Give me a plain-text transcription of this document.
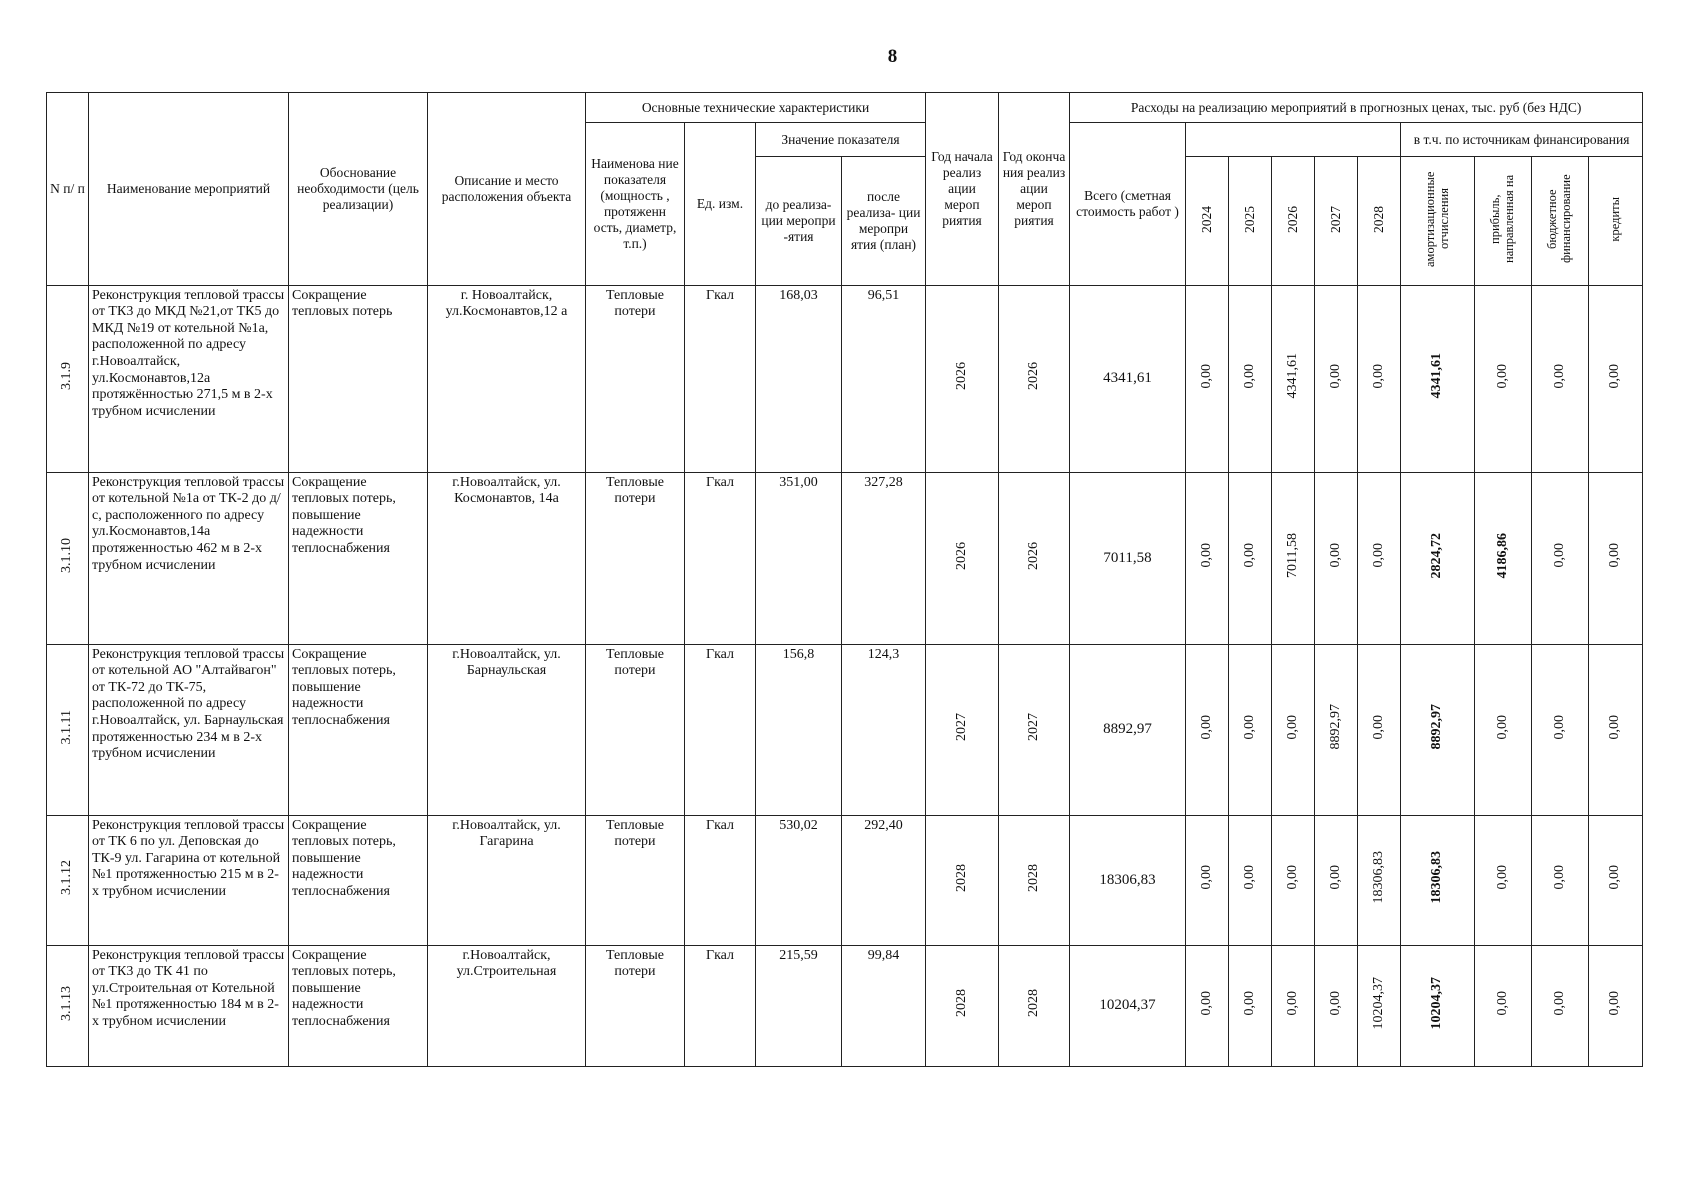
8
N п/ п	Наименование мероприятий	Обоснование необходимости (цель реализации)	Описание и место расположения объекта	Основные технические характеристики				Год начала реализ ации мероп риятия	Год оконча ния реализ ации мероп риятия	Расходы на реализацию мероприятий в прогнозных ценах, тыс. руб (без НДС)									
				Наименова ние показателя (мощность , протяженн ость, диаметр, т.п.)	Ед. изм.	Значение показателя				Всего (сметная стоимость работ )						в т.ч. по источникам финансирования			
						до реализа- ции меропри -ятия	после реализа- ции меропри ятия (план)				2024	2025	2026	2027	2028	амортизационные отчисления	прибыль, направленная на	бюджетное финансирование	кредиты
3.1.9	Реконструкция тепловой трассы от ТК3 до МКД №21,от ТК5 до МКД №19 от котельной №1а, расположенной по адресу г.Новоалтайск, ул.Космонавтов,12а протяжённостью 271,5 м в 2-х трубном исчислении	Сокращение тепловых потерь	г. Новоалтайск, ул.Космонавтов,12 а	Тепловые потери	Гкал	168,03	96,51	2026	2026	4341,61	0,00	0,00	4341,61	0,00	0,00	4341,61	0,00	0,00	0,00
3.1.10	Реконструкция тепловой трассы от котельной №1а от ТК-2 до д/с, расположенного по адресу ул.Космонавтов,14а протяженностью 462 м в 2-х трубном исчислении	Сокращение тепловых потерь, повышение надежности теплоснабжения	г.Новоалтайск, ул. Космонавтов, 14а	Тепловые потери	Гкал	351,00	327,28	2026	2026	7011,58	0,00	0,00	7011,58	0,00	0,00	2824,72	4186,86	0,00	0,00
3.1.11	Реконструкция тепловой трассы от котельной АО "Алтайвагон" от ТК-72 до ТК-75, расположенной по адресу г.Новоалтайск, ул. Барнаульская протяженностью 234 м в 2-х трубном исчислении	Сокращение тепловых потерь, повышение надежности теплоснабжения	г.Новоалтайск, ул. Барнаульская	Тепловые потери	Гкал	156,8	124,3	2027	2027	8892,97	0,00	0,00	0,00	8892,97	0,00	8892,97	0,00	0,00	0,00
3.1.12	Реконструкция тепловой трассы от ТК 6 по ул. Деповская до ТК-9 ул. Гагарина от котельной №1 протяженностью 215 м в 2-х трубном исчислении	Сокращение тепловых потерь, повышение надежности теплоснабжения	г.Новоалтайск, ул. Гагарина	Тепловые потери	Гкал	530,02	292,40	2028	2028	18306,83	0,00	0,00	0,00	0,00	18306,83	18306,83	0,00	0,00	0,00
3.1.13	Реконструкция тепловой трассы от ТК3 до ТК 41 по ул.Строительная от Котельной №1 протяженностью 184 м в 2-х трубном исчислении	Сокращение тепловых потерь, повышение надежности теплоснабжения	г.Новоалтайск, ул.Строительная	Тепловые потери	Гкал	215,59	99,84	2028	2028	10204,37	0,00	0,00	0,00	0,00	10204,37	10204,37	0,00	0,00	0,00
